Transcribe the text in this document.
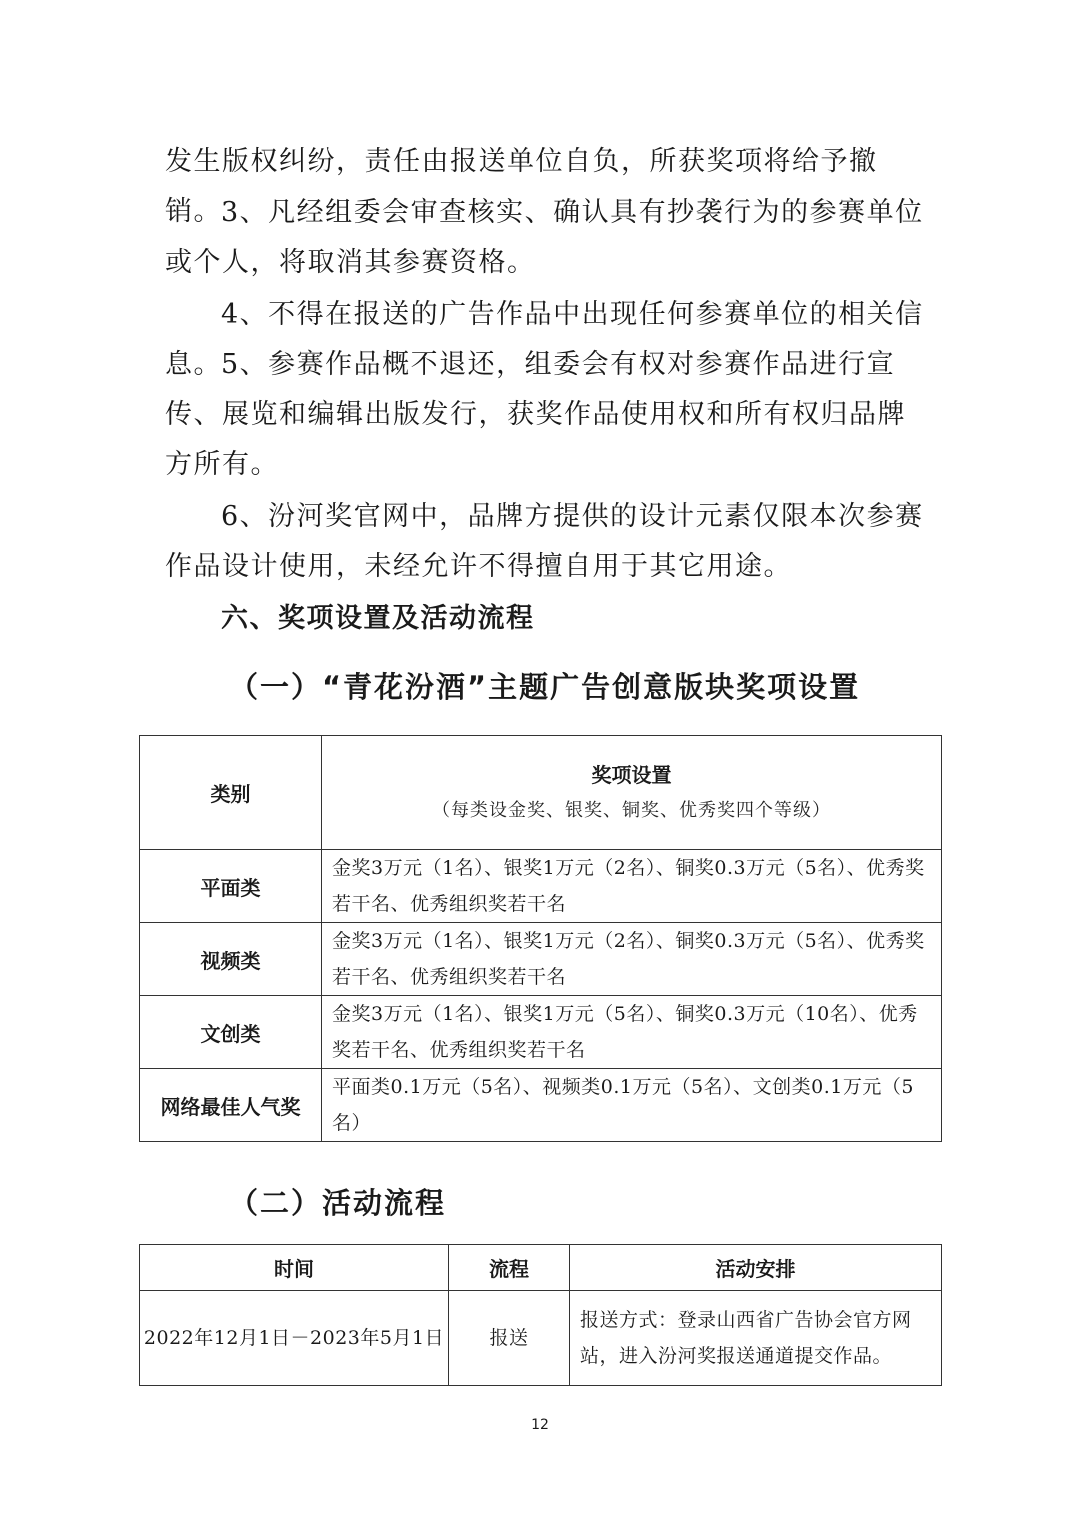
发生版权纠纷，责任由报送单位自负，所获奖项将给予撤销。 3、凡经组委会审查核实、确认具有抄袭行为的参赛单位或个人，将取消其参赛资格。

4、不得在报送的广告作品中出现任何参赛单位的相关信息。 5、参赛作品概不退还，组委会有权对参赛作品进行宣传、展览和编辑出版发行，获奖作品使用权和所有权归品牌方所有。

6、汾河奖官网中，品牌方提供的设计元素仅限本次参赛作品设计使用，未经允许不得擅自用于其它用途。

六、奖项设置及活动流程
（一）“青花汾酒”主题广告创意版块奖项设置
类别	奖项设置
（每类设金奖、银奖、铜奖、优秀奖四个等级）

平面类	金奖3万元（1名）、银奖1万元（2名）、铜奖0.3万元（5名）、优秀奖若干名、优秀组织奖若干名
视频类	金奖3万元（1名）、银奖1万元（2名）、铜奖0.3万元（5名）、优秀奖若干名、优秀组织奖若干名
文创类	金奖3万元（1名）、银奖1万元（5名）、铜奖0.3万元（10名）、优秀奖若干名、优秀组织奖若干名
网络最佳人气奖	平面类0.1万元（5名）、视频类0.1万元（5名）、文创类0.1万元（5名）
（二）活动流程
时间	流程	活动安排
2022年12月1日－2023年5月1日	报送	报送方式：登录山西省广告协会官方网站，进入汾河奖报送通道提交作品。
12
